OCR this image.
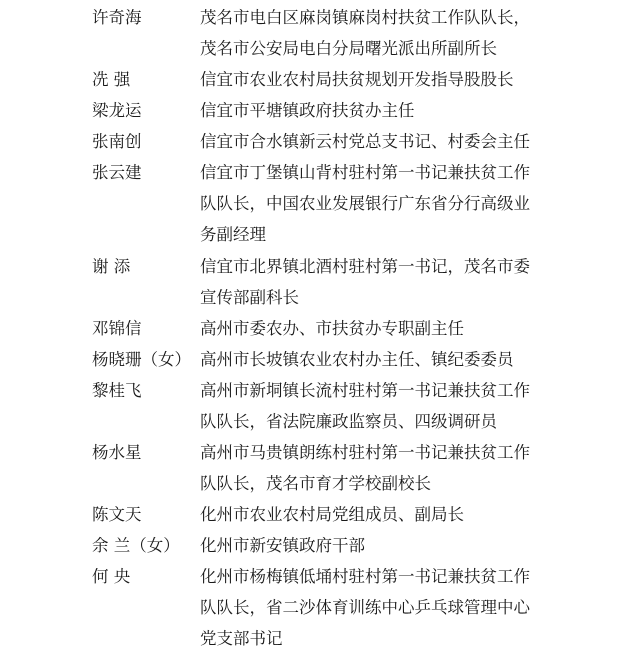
许奇海	茂名市电白区麻岗镇麻岗村扶贫工作队队长，
茂名市公安局电白分局曙光派出所副所长
冼 强	信宜市农业农村局扶贫规划开发指导股股长
梁龙运	信宜市平塘镇政府扶贫办主任
张南创	信宜市合水镇新云村党总支书记、村委会主任
张云建	信宜市丁堡镇山背村驻村第一书记兼扶贫工作
队队长，中国农业发展银行广东省分行高级业
务副经理
谢 添	信宜市北界镇北酒村驻村第一书记，茂名市委
宣传部副科长
邓锦信	高州市委农办、市扶贫办专职副主任
杨晓珊（女） 高州市长坡镇农业农村办主任、镇纪委委员
黎桂飞	高州市新垌镇长流村驻村第一书记兼扶贫工作
队队长，省法院廉政监察员、四级调研员
杨水星	高州市马贵镇朗练村驻村第一书记兼扶贫工作
队队长，茂名市育才学校副校长
陈文天	化州市农业农村局党组成员、副局长
余 兰（女） 化州市新安镇政府干部
何 央	化州市杨梅镇低埇村驻村第一书记兼扶贫工作
队队长，省二沙体育训练中心乒乓球管理中心
党支部书记
